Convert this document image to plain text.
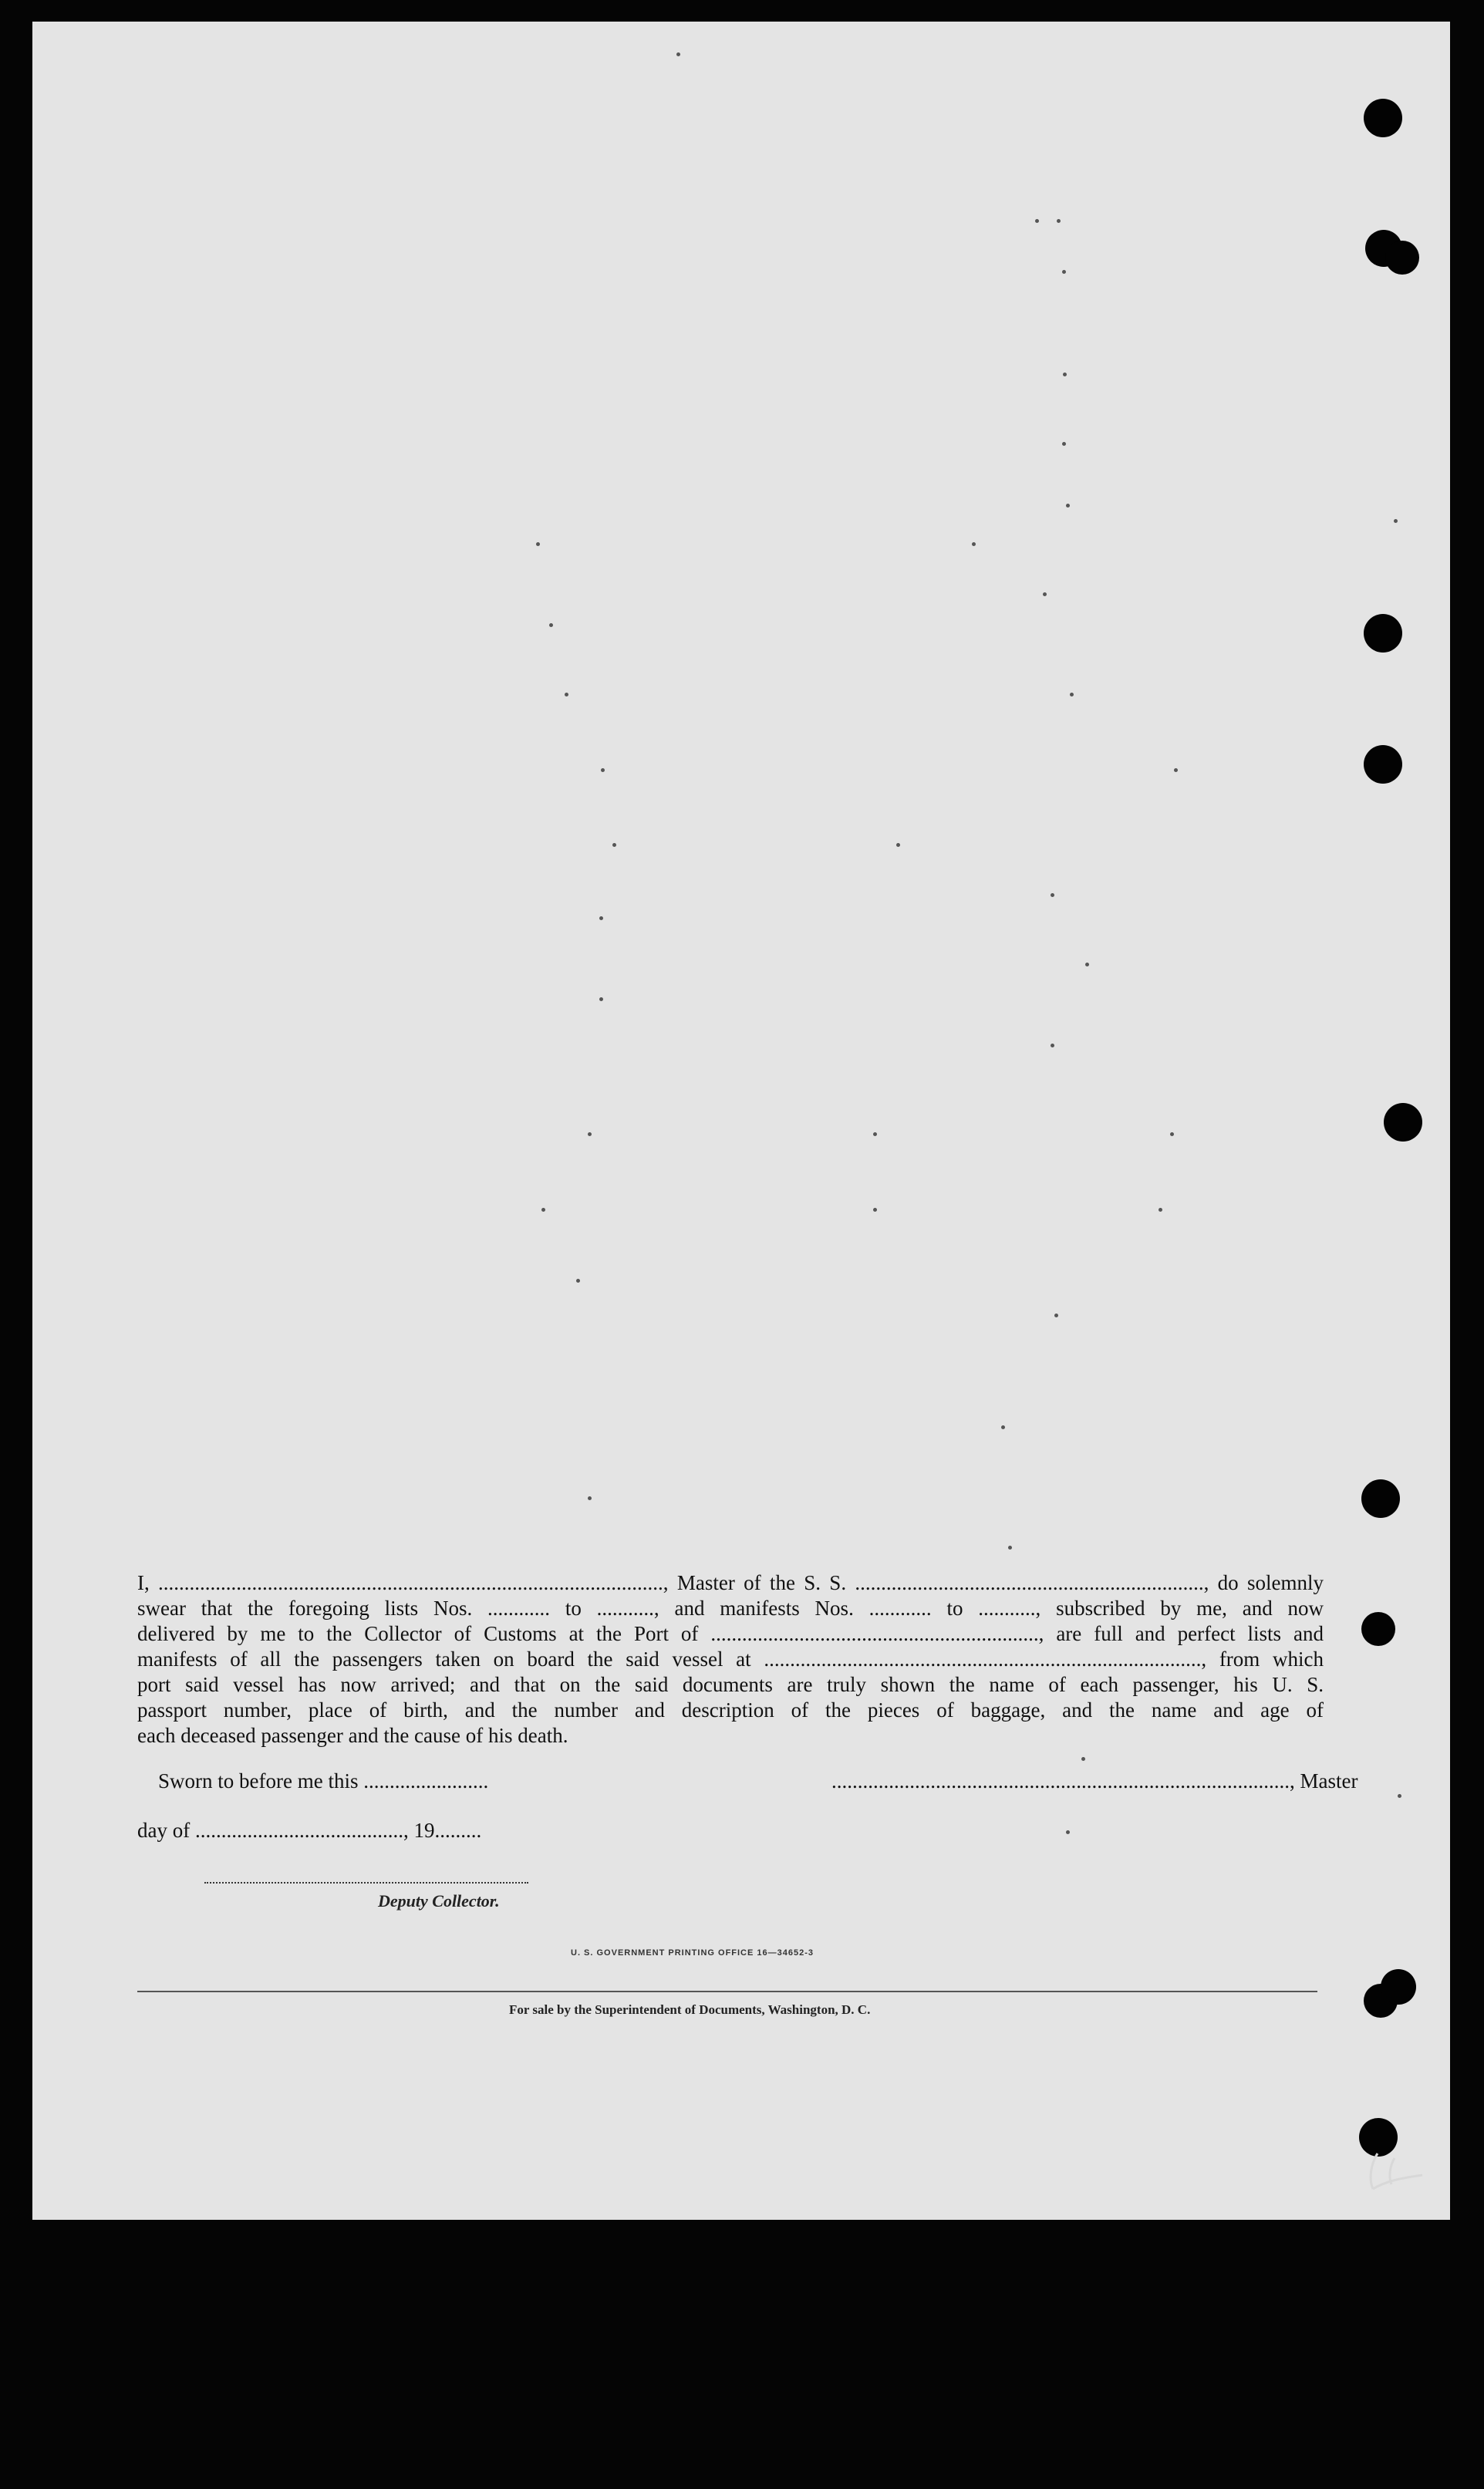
I, ................................................................................................., Master of the S. S. ..................................................................., do solemnly
swear that the foregoing lists Nos. ............ to ..........., and manifests Nos. ............ to ..........., subscribed by me, and now
delivered by me to the Collector of Customs at the Port of ..............................................................., are full and perfect lists and
manifests of all the passengers taken on board the said vessel at ...................................................................................., from which
port said vessel has now arrived; and that on the said documents are truly shown the name of each passenger, his U. S.
passport number, place of birth, and the number and description of the pieces of baggage, and the name and age of
each deceased passenger and the cause of his death.
Sworn to before me this ........................	........................................................................................, Master
day of ........................................, 19.........
Deputy Collector.
U. S. GOVERNMENT PRINTING OFFICE 16—34652-3
For sale by the Superintendent of Documents, Washington, D. C.
